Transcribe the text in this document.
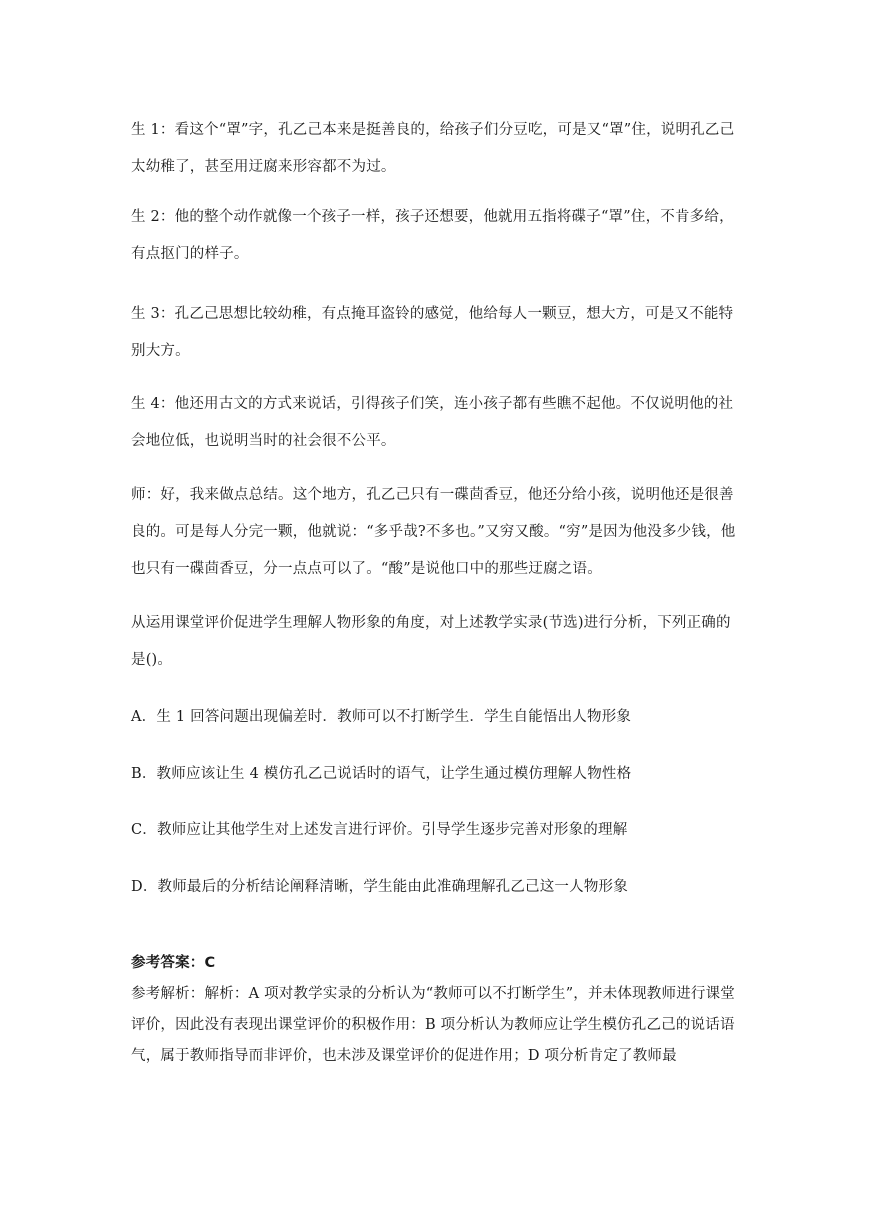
生 1：看这个“罩”字，孔乙己本来是挺善良的，给孩子们分豆吃，可是又“罩”住，说明孔乙己太幼稚了，甚至用迂腐来形容都不为过。

生 2：他的整个动作就像一个孩子一样，孩子还想要，他就用五指将碟子“罩”住，不肯多给，有点抠门的样子。

生 3：孔乙己思想比较幼稚，有点掩耳盗铃的感觉，他给每人一颗豆，想大方，可是又不能特别大方。

生 4：他还用古文的方式来说话，引得孩子们笑，连小孩子都有些瞧不起他。不仅说明他的社会地位低，也说明当时的社会很不公平。

师：好，我来做点总结。这个地方，孔乙己只有一碟茴香豆，他还分给小孩，说明他还是很善良的。可是每人分完一颗，他就说：“多乎哉?不多也。”又穷又酸。“穷”是因为他没多少钱，他也只有一碟茴香豆，分一点点可以了。“酸”是说他口中的那些迂腐之语。

从运用课堂评价促进学生理解人物形象的角度，对上述教学实录(节选)进行分析，下列正确的是()。

A．生 1 回答问题出现偏差时．教师可以不打断学生．学生自能悟出人物形象

B．教师应该让生 4 模仿孔乙己说话时的语气，让学生通过模仿理解人物性格

C．教师应让其他学生对上述发言进行评价。引导学生逐步完善对形象的理解

D．教师最后的分析结论阐释清晰，学生能由此准确理解孔乙己这一人物形象

参考答案：C

参考解析：解析：A 项对教学实录的分析认为“教师可以不打断学生”，并未体现教师进行课堂评价，因此没有表现出课堂评价的积极作用：B 项分析认为教师应让学生模仿孔乙己的说话语气，属于教师指导而非评价，也未涉及课堂评价的促进作用；D 项分析肯定了教师最
